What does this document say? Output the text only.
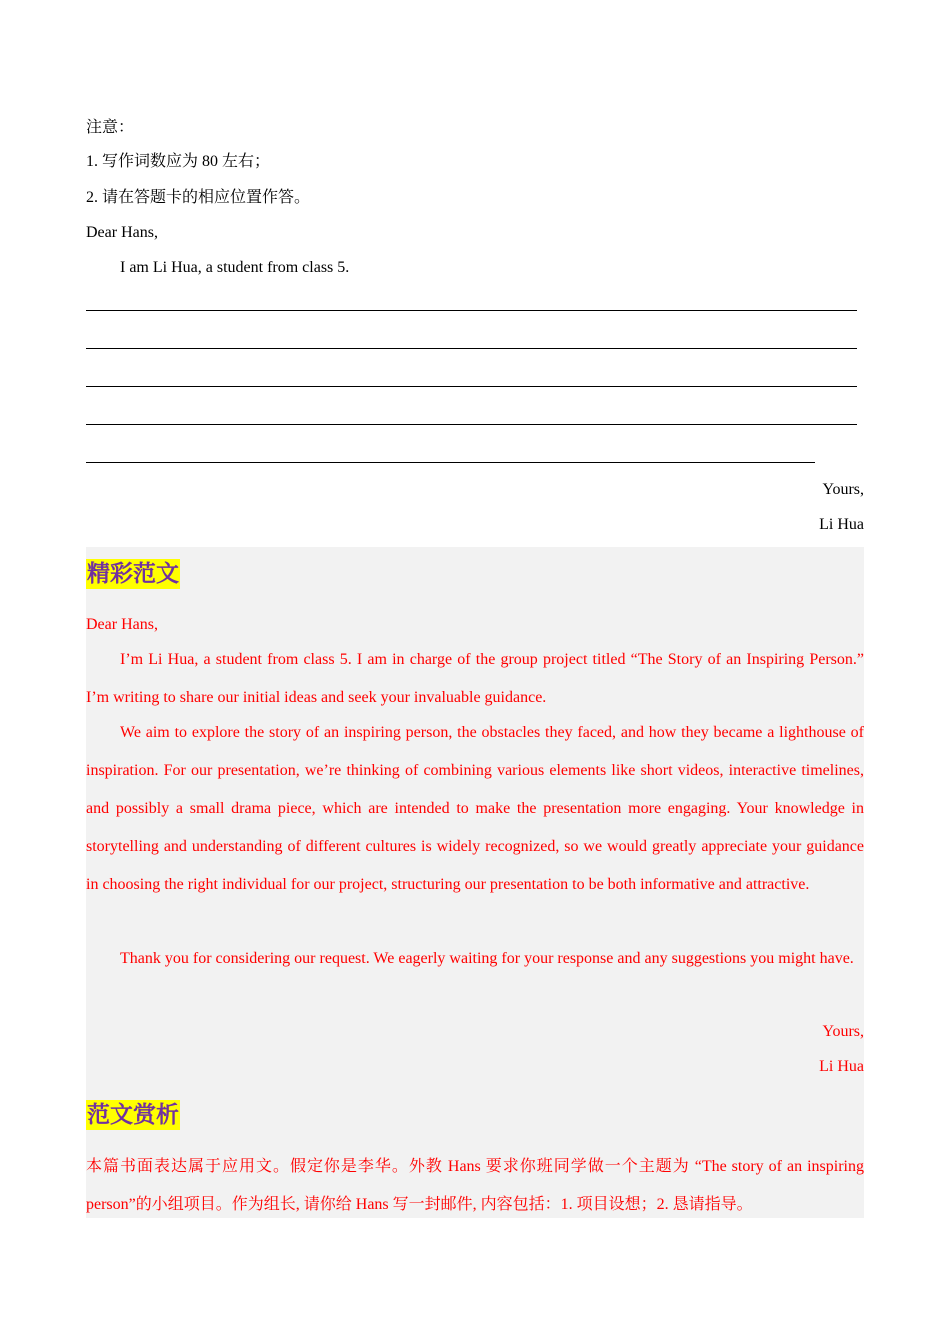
注意：
1. 写作词数应为 80 左右；
2. 请在答题卡的相应位置作答。
Dear Hans,
I am Li Hua, a student from class 5.
Yours,
Li Hua
精彩范文
Dear Hans,

I’m Li Hua, a student from class 5. I am in charge of the group project titled “The Story of an Inspiring Person.” I’m writing to share our initial ideas and seek your invaluable guidance.

We aim to explore the story of an inspiring person, the obstacles they faced, and how they became a lighthouse of inspiration. For our presentation, we’re thinking of combining various elements like short videos, interactive timelines, and possibly a small drama piece, which are intended to make the presentation more engaging. Your knowledge in storytelling and understanding of different cultures is widely recognized, so we would greatly appreciate your guidance in choosing the right individual for our project, structuring our presentation to be both informative and attractive.

Thank you for considering our request. We eagerly waiting for your response and any suggestions you might have.

Yours,
Li Hua
范文赏析

本篇书面表达属于应用文。假定你是李华。外教 Hans 要求你班同学做一个主题为 “The story of an inspiring person”的小组项目。作为组长, 请你给 Hans 写一封邮件, 内容包括：1. 项目设想；2. 恳请指导。
